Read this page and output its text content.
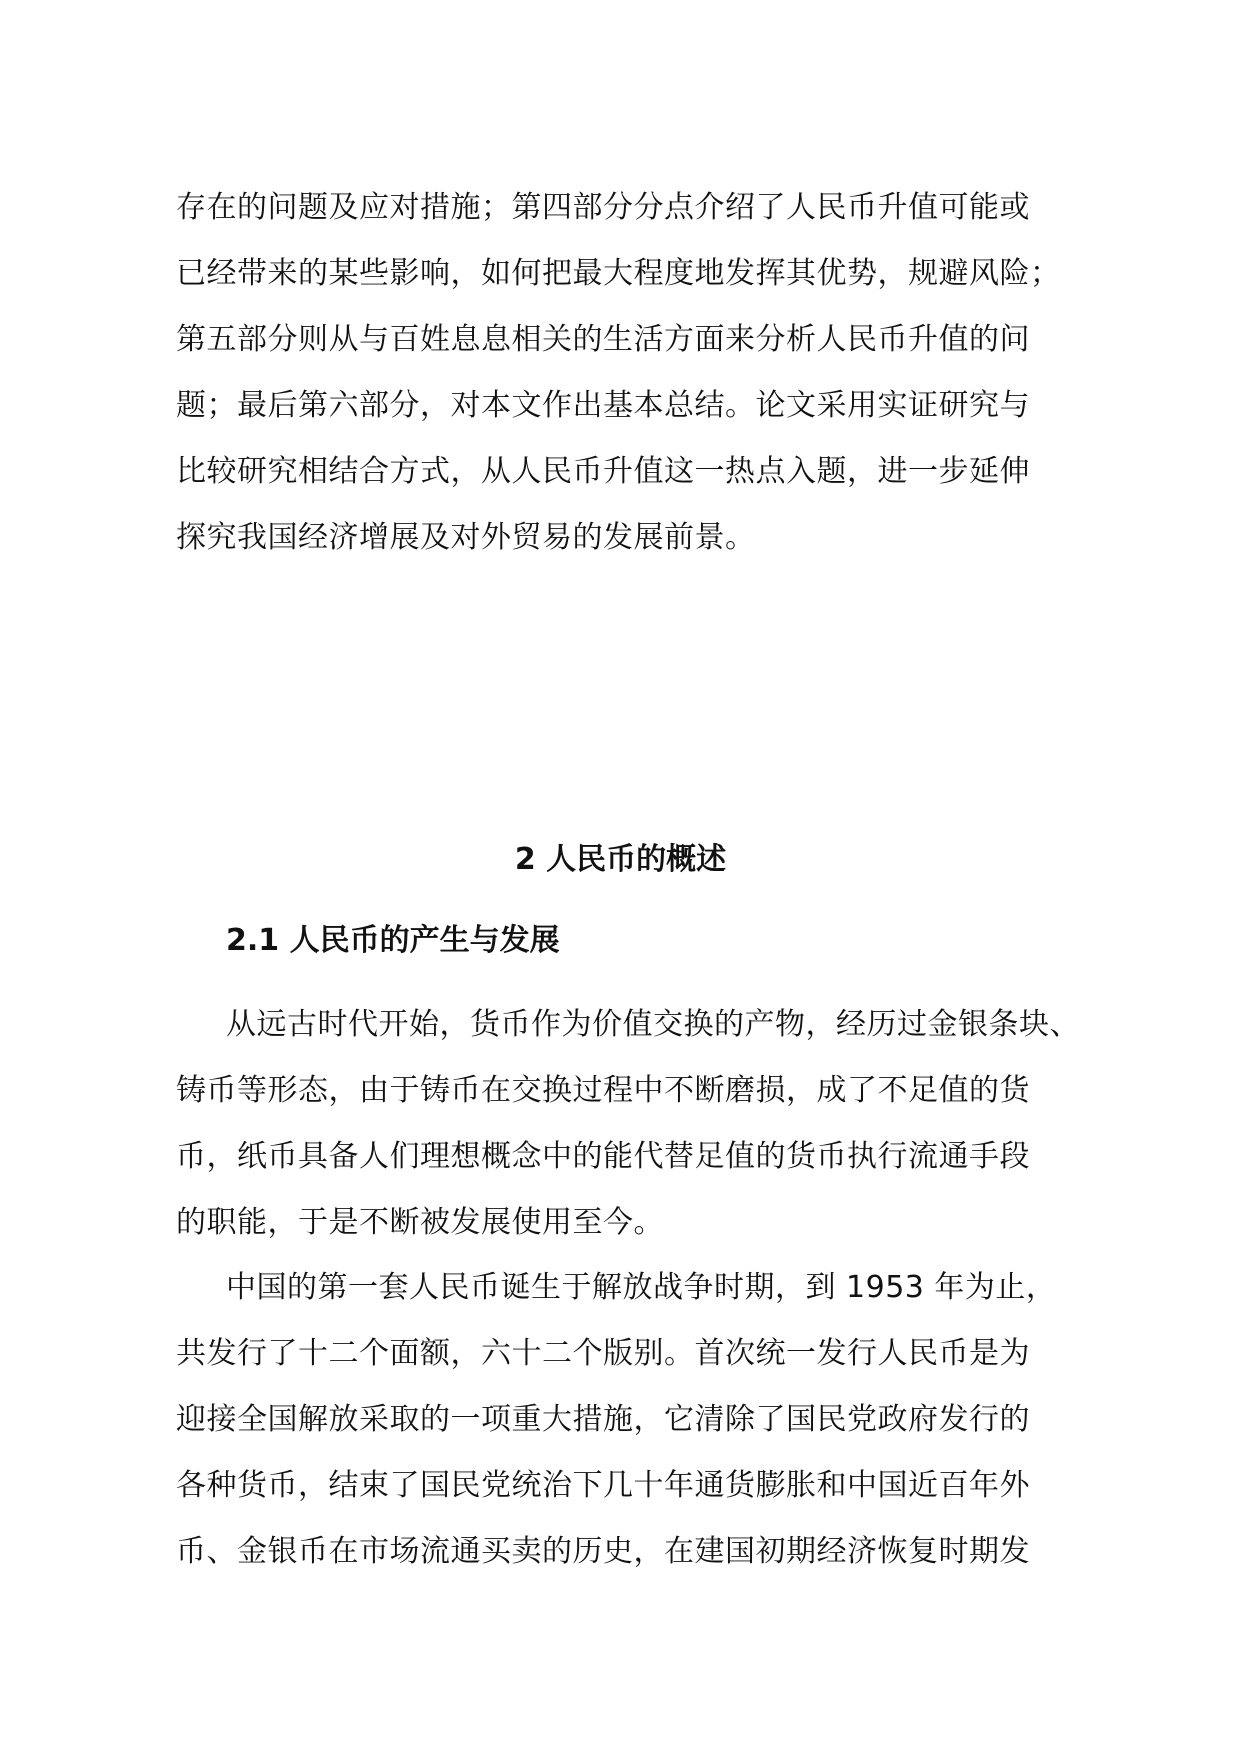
存在的问题及应对措施；第四部分分点介绍了人民币升值可能或
已经带来的某些影响，如何把最大程度地发挥其优势，规避风险；
第五部分则从与百姓息息相关的生活方面来分析人民币升值的问
题；最后第六部分，对本文作出基本总结。论文采用实证研究与
比较研究相结合方式，从人民币升值这一热点入题，进一步延伸
探究我国经济增展及对外贸易的发展前景。
2 人民币的概述
2.1 人民币的产生与发展
从远古时代开始，货币作为价值交换的产物，经历过金银条块、
铸币等形态，由于铸币在交换过程中不断磨损，成了不足值的货
币，纸币具备人们理想概念中的能代替足值的货币执行流通手段
的职能，于是不断被发展使用至今。
中国的第一套人民币诞生于解放战争时期，到 1953 年为止，
共发行了十二个面额，六十二个版别。首次统一发行人民币是为
迎接全国解放采取的一项重大措施，它清除了国民党政府发行的
各种货币，结束了国民党统治下几十年通货膨胀和中国近百年外
币、金银币在市场流通买卖的历史，在建国初期经济恢复时期发
